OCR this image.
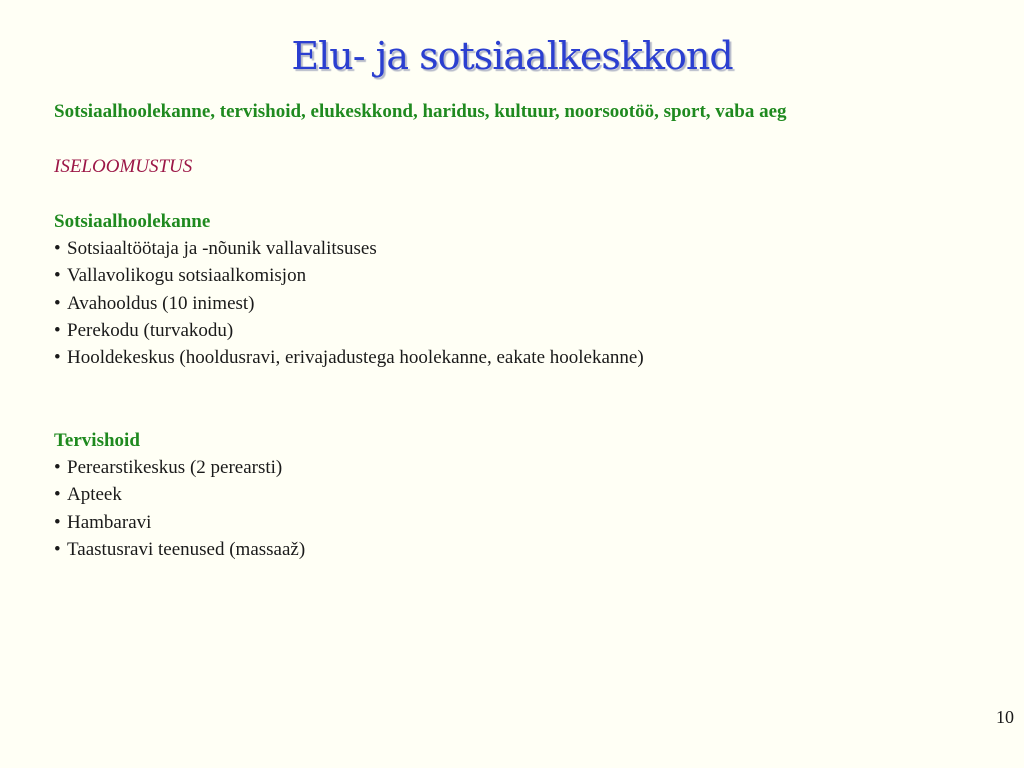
Elu- ja sotsiaalkeskkond
Sotsiaalhoolekanne, tervishoid, elukeskkond, haridus, kultuur, noorsootöö, sport, vaba aeg
ISELOOMUSTUS
Sotsiaalhoolekanne
• Sotsiaaltöötaja ja -nõunik vallavalitsuses
• Vallavolikogu sotsiaalkomisjon
• Avahooldus (10 inimest)
• Perekodu (turvakodu)
• Hooldekeskus (hooldusravi, erivajadustega hoolekanne, eakate hoolekanne)
Tervishoid
• Perearstikeskus (2 perearsti)
• Apteek
• Hambaravi
• Taastusravi teenused (massaaž)
10
